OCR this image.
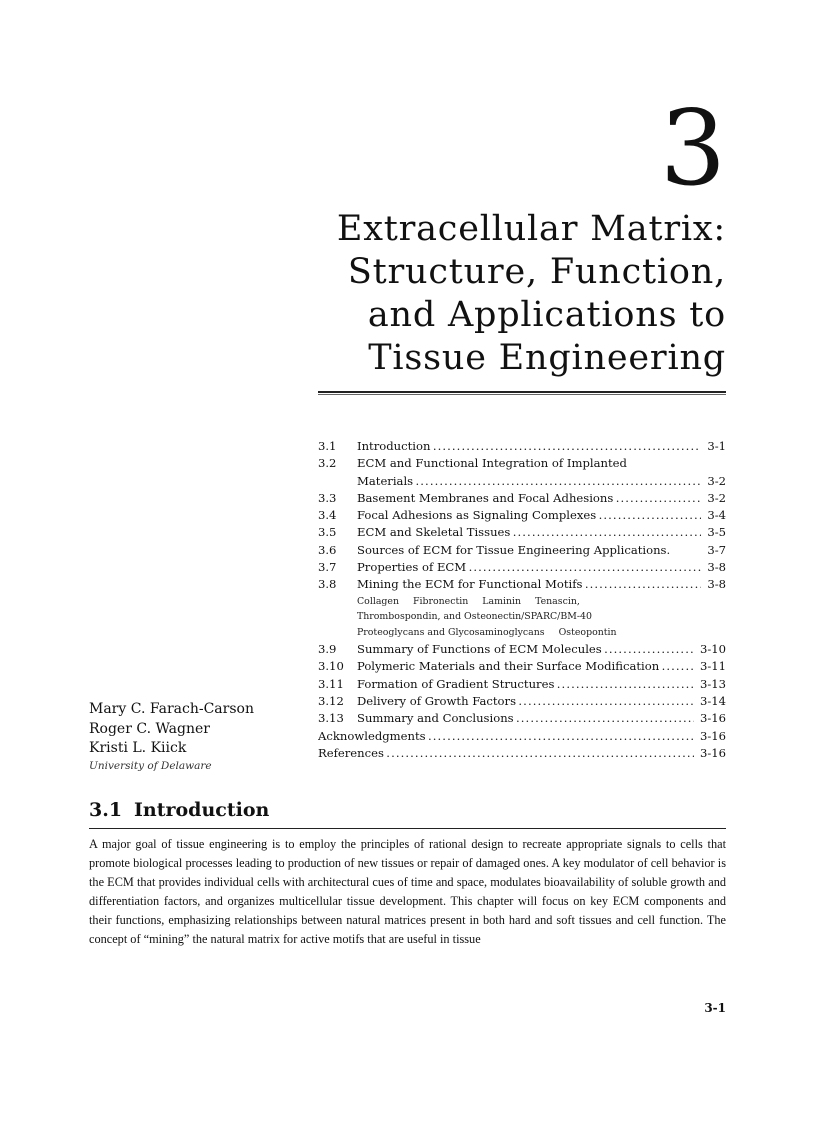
3
Extracellular Matrix:
Structure, Function,
and Applications to
Tissue Engineering
3.1 Introduction . . .	3-1
3.2 ECM and Functional Integration of Implanted
Materials . . .	3-2
3.3 Basement Membranes and Focal Adhesions . . .	3-2
3.4 Focal Adhesions as Signaling Complexes . . .	3-4
3.5 ECM and Skeletal Tissues . . .	3-5
3.6 Sources of ECM for Tissue Engineering Applications.	3-7
3.7 Properties of ECM . . .	3-8
3.8 Mining the ECM for Functional Motifs . . .	3-8
Collagen Fibronectin Laminin Tenascin,
Thrombospondin, and Osteonectin/SPARC/BM-40
Proteoglycans and Glycosaminoglycans Osteopontin
3.9 Summary of Functions of ECM Molecules . . .	3-10
3.10 Polymeric Materials and their Surface Modification . . .	3-11
3.11 Formation of Gradient Structures . . .	3-13
3.12 Delivery of Growth Factors . . .	3-14
3.13 Summary and Conclusions . . .	3-16
Acknowledgments . . .	3-16
References . . .	3-16
Mary C. Farach-Carson
Roger C. Wagner
Kristi L. Kiick
University of Delaware
3.1 Introduction
A major goal of tissue engineering is to employ the principles of rational design to recreate appropriate signals to cells that promote biological processes leading to production of new tissues or repair of damaged ones. A key modulator of cell behavior is the ECM that provides individual cells with architectural cues of time and space, modulates bioavailability of soluble growth and differentiation factors, and organizes multicellular tissue development. This chapter will focus on key ECM components and their functions, emphasizing relationships between natural matrices present in both hard and soft tissues and cell function. The concept of “mining” the natural matrix for active motifs that are useful in tissue
3-1
